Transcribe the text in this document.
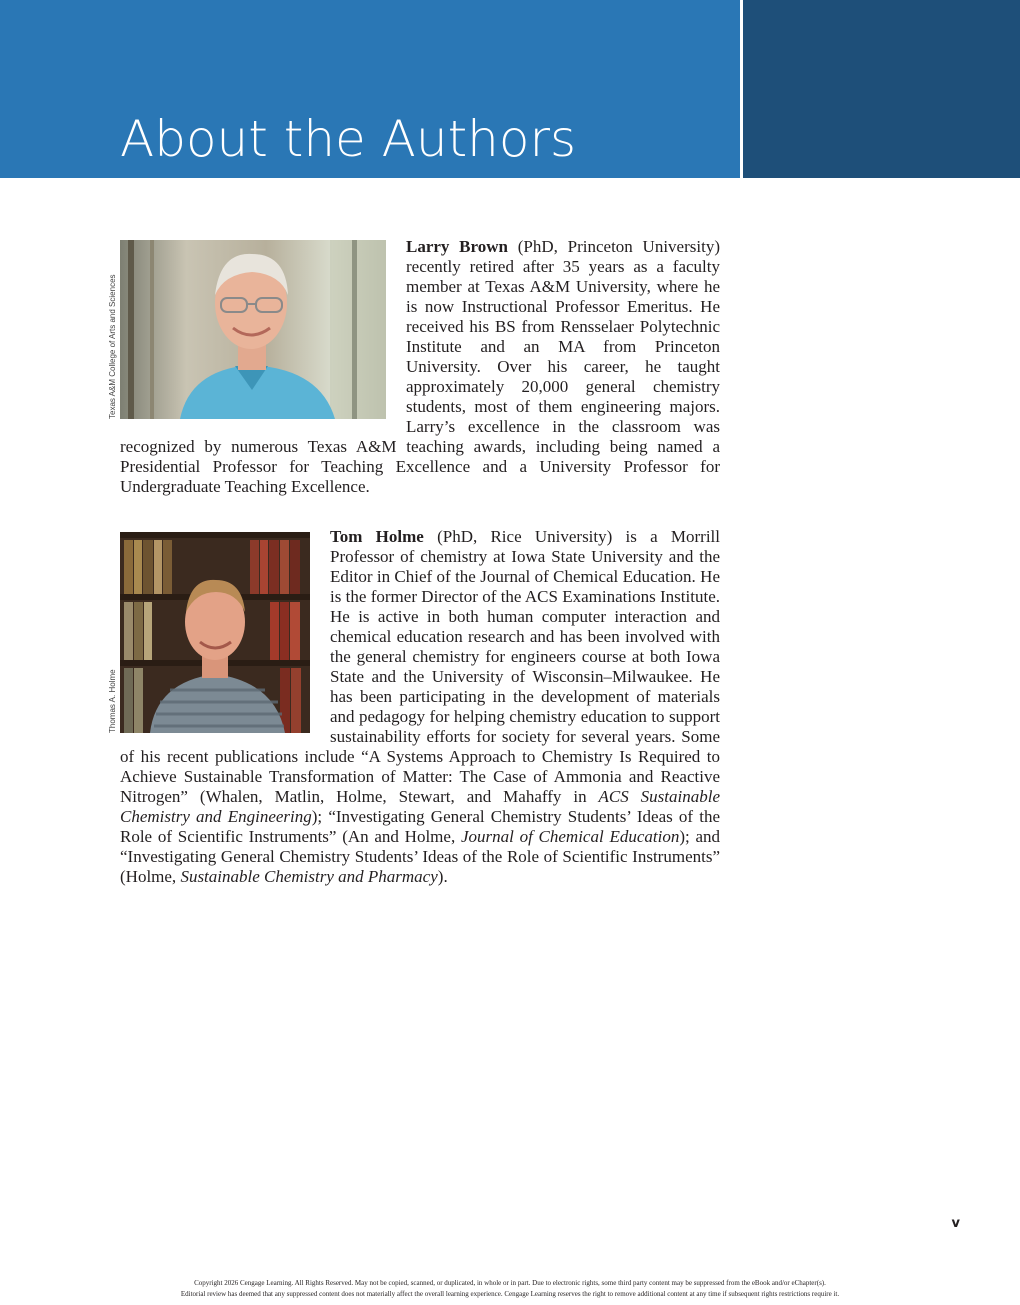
About the Authors
Texas A&M College of Arts and Sciences

Larry Brown (PhD, Princeton University) recently retired after 35 years as a faculty member at Texas A&M University, where he is now Instructional Professor Emeritus. He received his BS from Rensselaer Polytechnic Institute and an MA from Princeton University. Over his career, he taught approximately 20,000 general chemistry students, most of them engineering majors. Larry’s excellence in the classroom was recognized by numerous Texas A&M teaching awards, including being named a Presidential Professor for Teaching Excellence and a University Professor for Undergraduate Teaching Excellence.

Thomas A. Holme

Tom Holme (PhD, Rice University) is a Morrill Professor of chemistry at Iowa State University and the Editor in Chief of the Journal of Chemical Education. He is the former Director of the ACS Examinations Institute. He is active in both human computer interaction and chemical education research and has been involved with the general chemistry for engineers course at both Iowa State and the University of Wisconsin–Milwaukee. He has been participating in the development of materials and pedagogy for helping chemistry education to support sustainability efforts for society for several years. Some of his recent publications include “A Systems Approach to Chemistry Is Required to Achieve Sustainable Transformation of Matter: The Case of Ammonia and Reactive Nitrogen” (Whalen, Matlin, Holme, Stewart, and Mahaffy in ACS Sustainable Chemistry and Engineering); “Investigating General Chemistry Students’ Ideas of the Role of Scientific Instruments” (An and Holme, Journal of Chemical Education); and “Investigating General Chemistry Students’ Ideas of the Role of Scientific Instruments” (Holme, Sustainable Chemistry and Pharmacy).

v
Copyright 2026 Cengage Learning. All Rights Reserved. May not be copied, scanned, or duplicated, in whole or in part. Due to electronic rights, some third party content may be suppressed from the eBook and/or eChapter(s).
Editorial review has deemed that any suppressed content does not materially affect the overall learning experience. Cengage Learning reserves the right to remove additional content at any time if subsequent rights restrictions require it.
